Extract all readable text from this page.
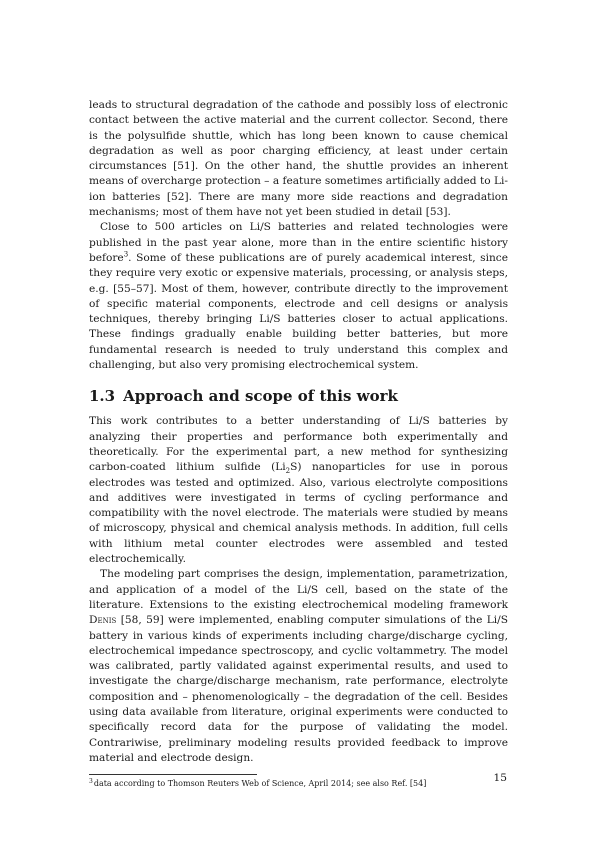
leads to structural degradation of the cathode and possibly loss of electronic contact between the active material and the current collector. Second, there is the polysulfide shuttle, which has long been known to cause chemical degradation as well as poor charging efficiency, at least under certain circumstances [51]. On the other hand, the shuttle provides an inherent means of overcharge protection – a feature sometimes artificially added to Li-ion batteries [52]. There are many more side reactions and degradation mechanisms; most of them have not yet been studied in detail [53].

Close to 500 articles on Li/S batteries and related technologies were published in the past year alone, more than in the entire scientific history before$^3$. Some of these publications are of purely academical interest, since they require very exotic or expensive materials, processing, or analysis steps, e.g. [55–57]. Most of them, however, contribute directly to the improvement of specific material components, electrode and cell designs or analysis techniques, thereby bringing Li/S batteries closer to actual applications. These findings gradually enable building better batteries, but more fundamental research is needed to truly understand this complex and challenging, but also very promising electrochemical system.

1.3 Approach and scope of this work

This work contributes to a better understanding of Li/S batteries by analyzing their properties and performance both experimentally and theoretically. For the experimental part, a new method for synthesizing carbon-coated lithium sulfide $(Li_2S)$ nanoparticles for use in porous electrodes was tested and optimized. Also, various electrolyte compositions and additives were investigated in terms of cycling performance and compatibility with the novel electrode. The materials were studied by means of microscopy, physical and chemical analysis methods. In addition, full cells with lithium metal counter electrodes were assembled and tested electrochemically.

The modeling part comprises the design, implementation, parametrization, and application of a model of the Li/S cell, based on the state of the literature. Extensions to the existing electrochemical modeling framework Denis [58, 59] were implemented, enabling computer simulations of the Li/S battery in various kinds of experiments including charge/discharge cycling, electrochemical impedance spectroscopy, and cyclic voltammetry. The model was calibrated, partly validated against experimental results, and used to investigate the charge/discharge mechanism, rate performance, electrolyte composition and – phenomenologically – the degradation of the cell. Besides using data available from literature, original experiments were conducted to specifically record data for the purpose of validating the model. Contrariwise, preliminary modeling results provided feedback to improve material and electrode design.

$^3$data according to Thomson Reuters Web of Science, April 2014; see also Ref. [54]	15
